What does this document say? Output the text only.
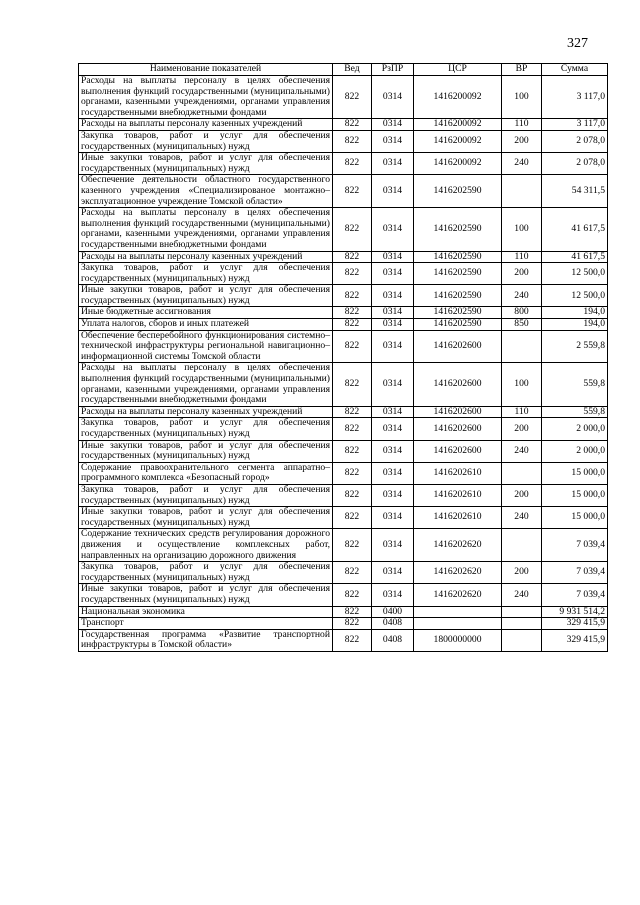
327
Наименование показателей	Вед	РзПР	ЦСР	ВР	Сумма
Расходы на выплаты персоналу в целях обеспечения выполнения функций государственными (муниципальными) органами, казенными учреждениями, органами управления государственными внебюджетными фондами	822	0314	1416200092	100	3 117,0
Расходы на выплаты персоналу казенных учреждений	822	0314	1416200092	110	3 117,0
Закупка товаров, работ и услуг для обеспечения государственных (муниципальных) нужд	822	0314	1416200092	200	2 078,0
Иные закупки товаров, работ и услуг для обеспечения государственных (муниципальных) нужд	822	0314	1416200092	240	2 078,0
Обеспечение деятельности областного государственного казенного учреждения «Специализированое монтажно–эксплуатационное учреждение Томской области»	822	0314	1416202590		54 311,5
Расходы на выплаты персоналу в целях обеспечения выполнения функций государственными (муниципальными) органами, казенными учреждениями, органами управления государственными внебюджетными фондами	822	0314	1416202590	100	41 617,5
Расходы на выплаты персоналу казенных учреждений	822	0314	1416202590	110	41 617,5
Закупка товаров, работ и услуг для обеспечения государственных (муниципальных) нужд	822	0314	1416202590	200	12 500,0
Иные закупки товаров, работ и услуг для обеспечения государственных (муниципальных) нужд	822	0314	1416202590	240	12 500,0
Иные бюджетные ассигнования	822	0314	1416202590	800	194,0
Уплата налогов, сборов и иных платежей	822	0314	1416202590	850	194,0
Обеспечение бесперебойного функционирования системно–технической инфраструктуры региональной навигационно–информационной системы Томской области	822	0314	1416202600		2 559,8
Расходы на выплаты персоналу в целях обеспечения выполнения функций государственными (муниципальными) органами, казенными учреждениями, органами управления государственными внебюджетными фондами	822	0314	1416202600	100	559,8
Расходы на выплаты персоналу казенных учреждений	822	0314	1416202600	110	559,8
Закупка товаров, работ и услуг для обеспечения государственных (муниципальных) нужд	822	0314	1416202600	200	2 000,0
Иные закупки товаров, работ и услуг для обеспечения государственных (муниципальных) нужд	822	0314	1416202600	240	2 000,0
Содержание правоохранительного сегмента аппаратно–программного комплекса «Безопасный город»	822	0314	1416202610		15 000,0
Закупка товаров, работ и услуг для обеспечения государственных (муниципальных) нужд	822	0314	1416202610	200	15 000,0
Иные закупки товаров, работ и услуг для обеспечения государственных (муниципальных) нужд	822	0314	1416202610	240	15 000,0
Содержание технических средств регулирования дорожного движения и осуществление комплексных работ, направленных на организацию дорожного движения	822	0314	1416202620		7 039,4
Закупка товаров, работ и услуг для обеспечения государственных (муниципальных) нужд	822	0314	1416202620	200	7 039,4
Иные закупки товаров, работ и услуг для обеспечения государственных (муниципальных) нужд	822	0314	1416202620	240	7 039,4
Национальная экономика	822	0400			9 931 514,2
Транспорт	822	0408			329 415,9
Государственная программа «Развитие транспортной инфраструктуры в Томской области»	822	0408	1800000000		329 415,9
